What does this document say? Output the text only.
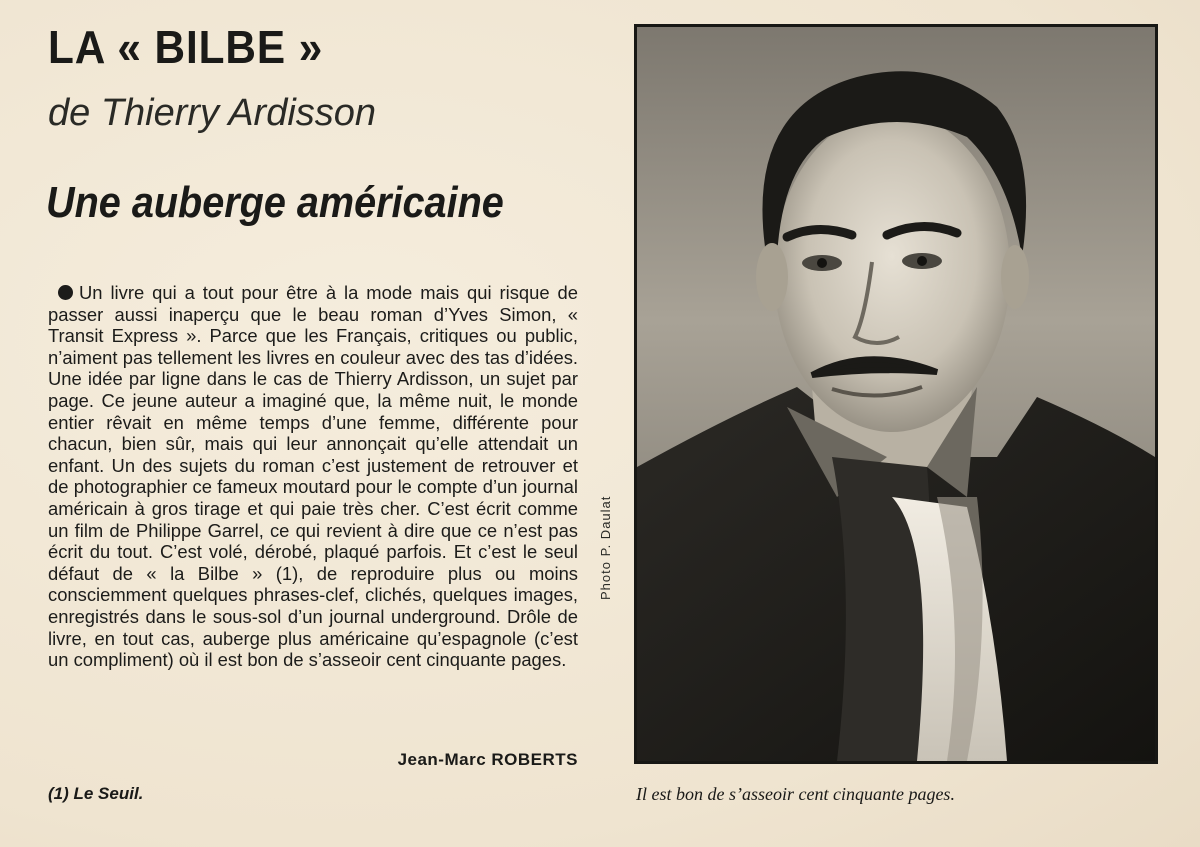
LA « BILBE »
de Thierry Ardisson
Une auberge américaine

Un livre qui a tout pour être à la mode mais qui risque de passer aussi inaperçu que le beau roman d’Yves Simon, « Transit Express ». Parce que les Français, critiques ou public, n’aiment pas tellement les livres en couleur avec des tas d’idées. Une idée par ligne dans le cas de Thierry Ardisson, un sujet par page. Ce jeune auteur a imaginé que, la même nuit, le monde entier rêvait en même temps d’une femme, différente pour chacun, bien sûr, mais qui leur annonçait qu’elle attendait un enfant. Un des sujets du roman c’est justement de retrouver et de photographier ce fameux moutard pour le compte d’un journal américain à gros tirage et qui paie très cher. C’est écrit comme un film de Philippe Garrel, ce qui revient à dire que ce n’est pas écrit du tout. C’est volé, dérobé, plaqué parfois. Et c’est le seul défaut de « la Bilbe » (1), de reproduire plus ou moins consciemment quelques phrases-clef, clichés, quelques images, enregistrés dans le sous-sol d’un journal underground. Drôle de livre, en tout cas, auberge plus américaine qu’espagnole (c’est un compliment) où il est bon de s’asseoir cent cinquante pages.

Jean-Marc ROBERTS

(1) Le Seuil.

Photo P. Daulat

Il est bon de s’asseoir cent cinquante pages.
